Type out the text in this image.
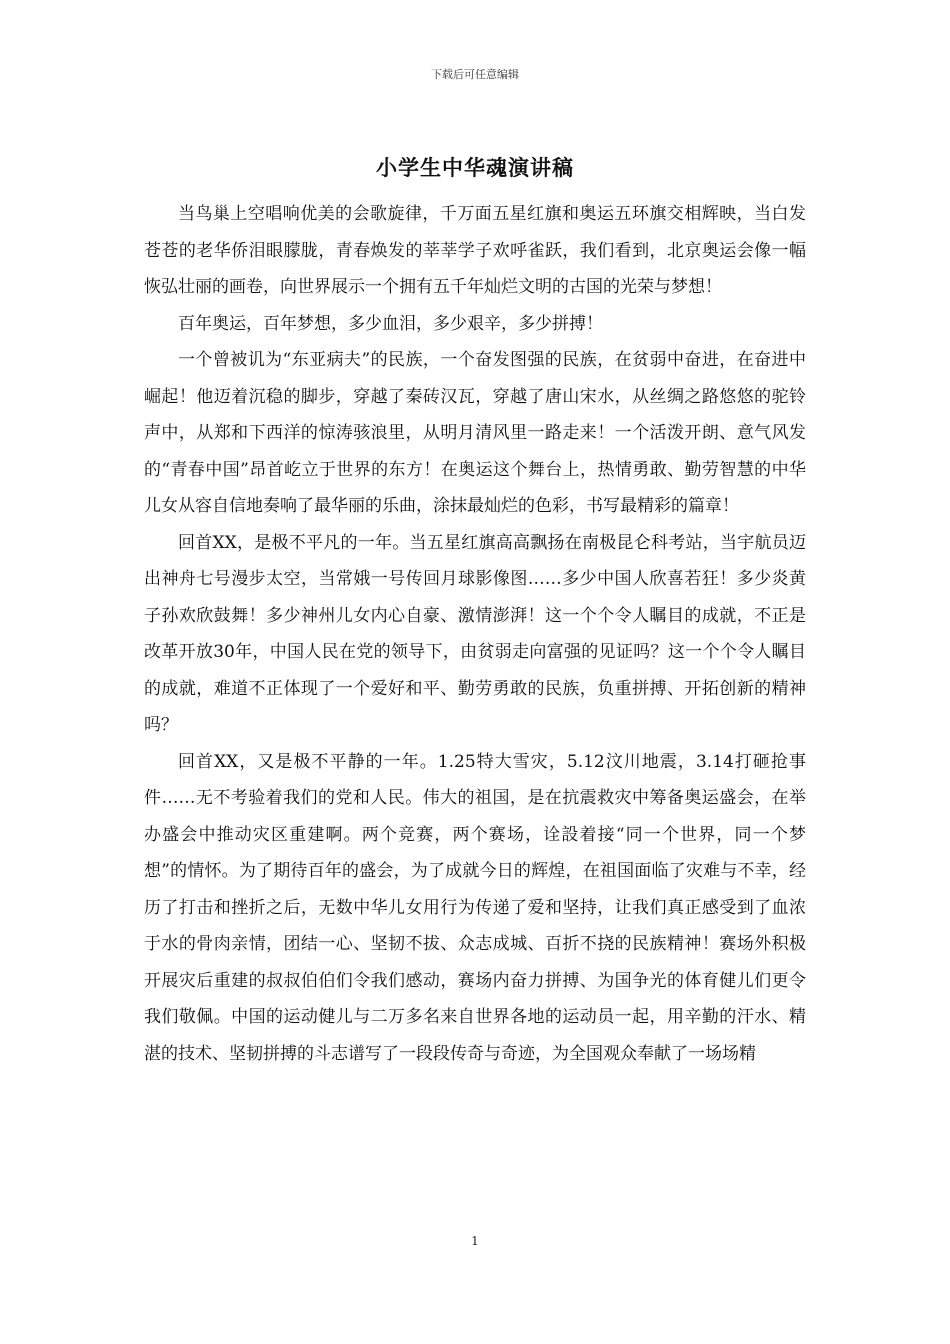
下载后可任意编辑
小学生中华魂演讲稿

当鸟巢上空唱响优美的会歌旋律，千万面五星红旗和奥运五环旗交相辉映，当白发苍苍的老华侨泪眼朦胧，青春焕发的莘莘学子欢呼雀跃，我们看到，北京奥运会像一幅恢弘壮丽的画卷，向世界展示一个拥有五千年灿烂文明的古国的光荣与梦想！

百年奥运，百年梦想，多少血泪，多少艰辛，多少拼搏！

一个曾被讥为“东亚病夫”的民族，一个奋发图强的民族，在贫弱中奋进，在奋进中崛起！他迈着沉稳的脚步，穿越了秦砖汉瓦，穿越了唐山宋水，从丝绸之路悠悠的驼铃声中，从郑和下西洋的惊涛骇浪里，从明月清风里一路走来！一个活泼开朗、意气风发的“青春中国”昂首屹立于世界的东方！在奥运这个舞台上，热情勇敢、勤劳智慧的中华儿女从容自信地奏响了最华丽的乐曲，涂抹最灿烂的色彩，书写最精彩的篇章！

回首XX，是极不平凡的一年。当五星红旗高高飘扬在南极昆仑科考站，当宇航员迈出神舟七号漫步太空，当常娥一号传回月球影像图……多少中国人欣喜若狂！多少炎黄子孙欢欣鼓舞！多少神州儿女内心自豪、激情澎湃！这一个个令人瞩目的成就，不正是改革开放30年，中国人民在党的领导下，由贫弱走向富强的见证吗？这一个个令人瞩目的成就，难道不正体现了一个爱好和平、勤劳勇敢的民族，负重拼搏、开拓创新的精神吗？

回首XX，又是极不平静的一年。1.25特大雪灾，5.12汶川地震，3.14打砸抢事件……无不考验着我们的党和人民。伟大的祖国，是在抗震救灾中筹备奥运盛会，在举办盛会中推动灾区重建啊。两个竞赛，两个赛场，诠設着接“同一个世界，同一个梦想”的情怀。为了期待百年的盛会，为了成就今日的辉煌，在祖国面临了灾难与不幸，经历了打击和挫折之后，无数中华儿女用行为传递了爱和坚持，让我们真正感受到了血浓于水的骨肉亲情，团结一心、坚韧不拔、众志成城、百折不挠的民族精神！赛场外积极开展灾后重建的叔叔伯伯们令我们感动，赛场内奋力拼搏、为国争光的体育健儿们更令我们敬佩。中国的运动健儿与二万多名来自世界各地的运动员一起，用辛勤的汗水、精湛的技术、坚韧拼搏的斗志谱写了一段段传奇与奇迹，为全国观众奉献了一场场精

1
